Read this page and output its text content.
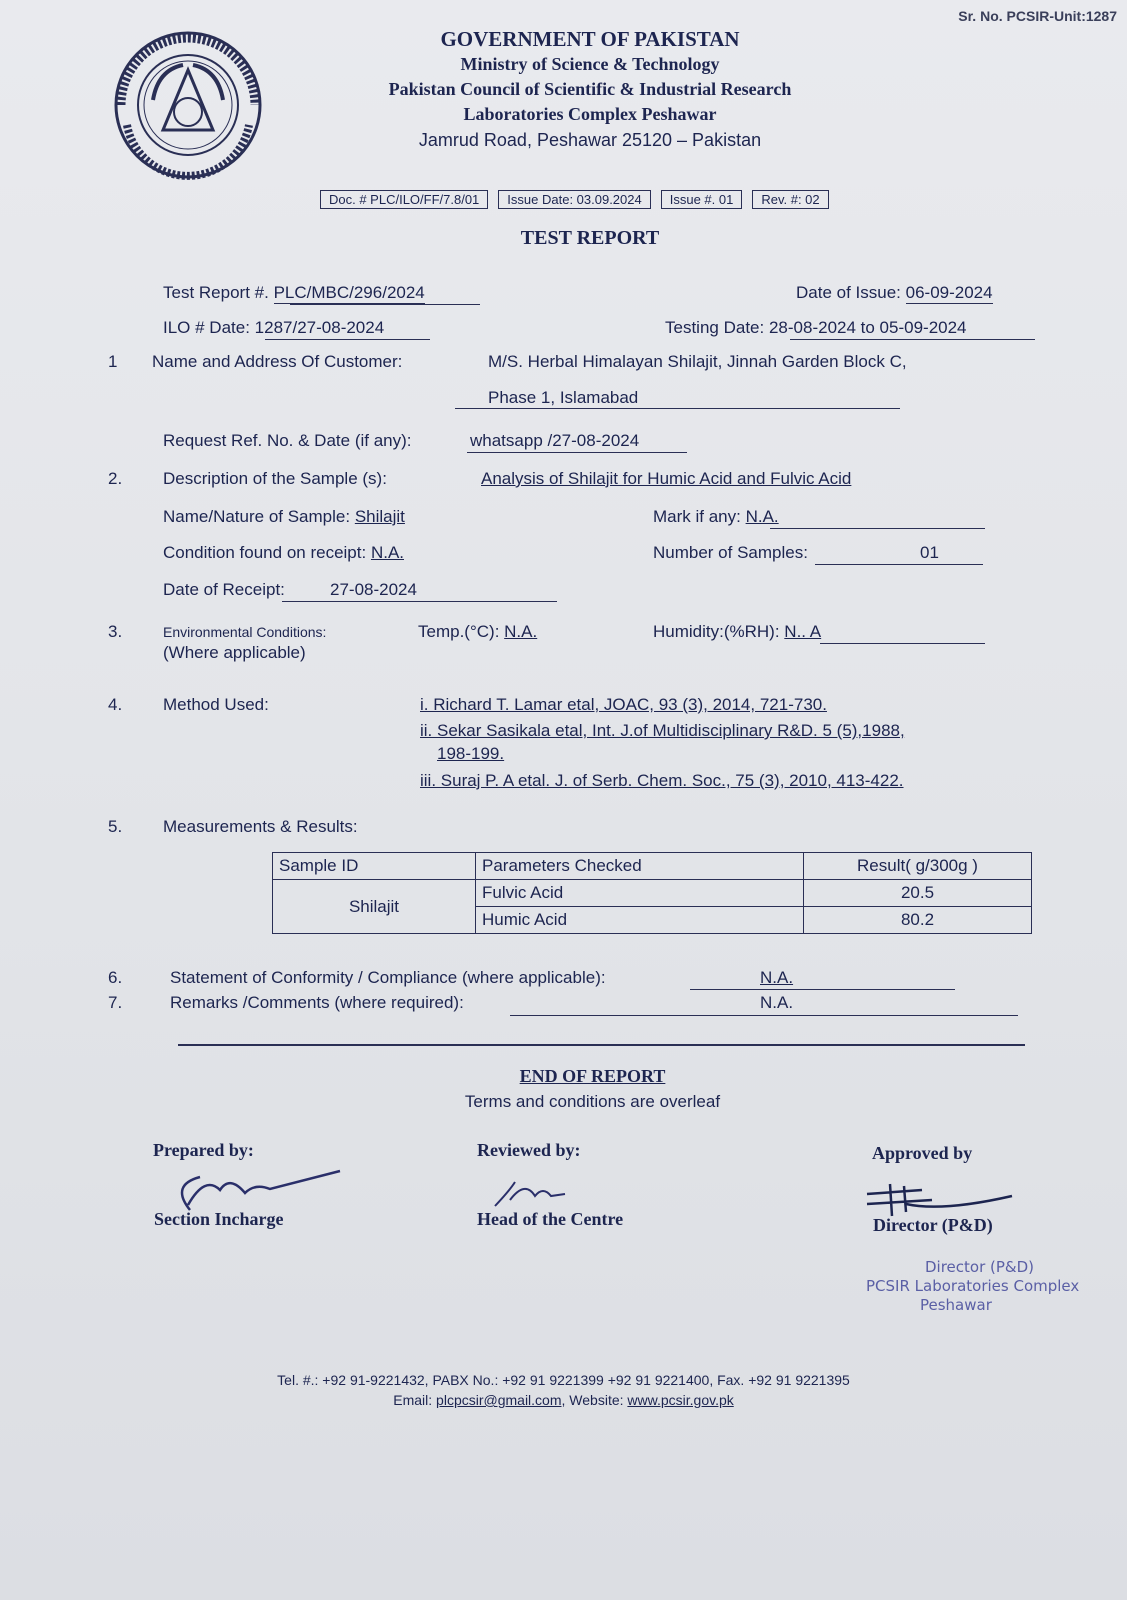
Sr. No. PCSIR-Unit:1287
GOVERNMENT OF PAKISTAN
Ministry of Science & Technology
Pakistan Council of Scientific & Industrial Research
Laboratories Complex Peshawar
Jamrud Road, Peshawar 25120 – Pakistan
Doc. # PLC/ILO/FF/7.8/01	Issue Date: 03.09.2024	Issue #. 01	Rev. #: 02
TEST REPORT
Test Report #. PLC/MBC/296/2024	Date of Issue: 06-09-2024
ILO # Date: 1287/27-08-2024	Testing Date: 28-08-2024 to 05-09-2024
1 Name and Address Of Customer:	M/S. Herbal Himalayan Shilajit, Jinnah Garden Block C,
Phase 1, Islamabad
Request Ref. No. & Date (if any):	whatsapp /27-08-2024
2. Description of the Sample (s):	Analysis of Shilajit for Humic Acid and Fulvic Acid
Name/Nature of Sample: Shilajit	Mark if any: N.A.
Condition found on receipt: N.A.	Number of Samples:	01
Date of Receipt:	27-08-2024
3.	Environmental Conditions:
(Where applicable)
Temp.(°C): N.A.	Humidity:(%RH): N.. A
4. Method Used:	i. Richard T. Lamar etal, JOAC, 93 (3), 2014, 721-730.
ii. Sekar Sasikala etal, Int. J.of Multidisciplinary R&D. 5 (5),1988,
198-199.
iii. Suraj P. A etal. J. of Serb. Chem. Soc., 75 (3), 2010, 413-422.
5. Measurements & Results:
Sample ID	Parameters Checked	Result( g/300g )
Shilajit	Fulvic Acid	20.5
	Humic Acid	80.2
6.	Statement of Conformity / Compliance (where applicable):	N.A.
7.	Remarks /Comments (where required):	N.A.
END OF REPORT
Terms and conditions are overleaf
Prepared by:
Section Incharge
Reviewed by:
Head of the Centre
Approved by
Director (P&D)
Director (P&D)
PCSIR Laboratories Complex
Peshawar
Tel. #.: +92 91-9221432, PABX No.: +92 91 9221399 +92 91 9221400, Fax. +92 91 9221395
Email: plcpcsir@gmail.com, Website: www.pcsir.gov.pk
